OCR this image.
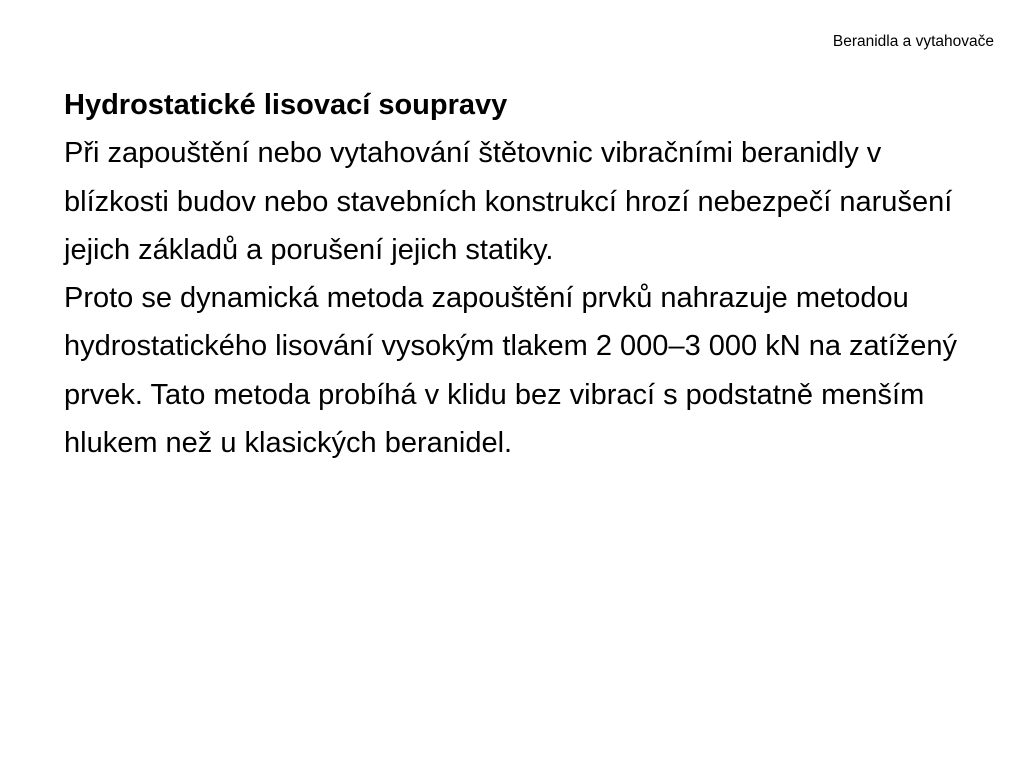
Beranidla a vytahovače

Hydrostatické lisovací soupravy

Při zapouštění nebo vytahování štětovnic vibračními beranidly v blízkosti budov nebo stavebních konstrukcí hrozí nebezpečí narušení jejich základů a porušení jejich statiky.

Proto se dynamická metoda zapouštění prvků nahrazuje metodou hydrostatického lisování vysokým tlakem 2 000–3 000 kN na zatížený prvek. Tato metoda probíhá v klidu bez vibrací s podstatně menším hlukem než u klasických beranidel.
